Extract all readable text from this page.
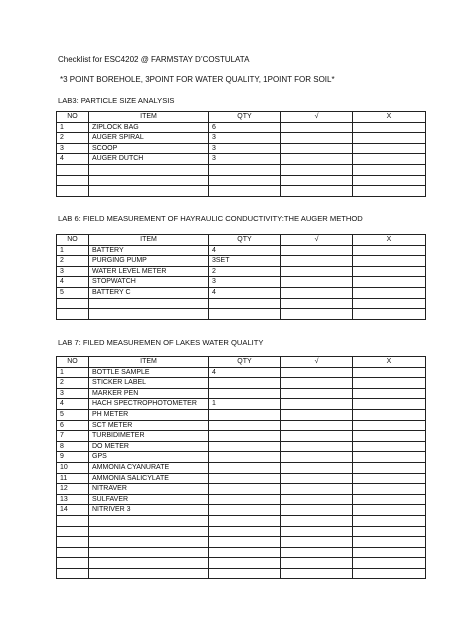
Checklist for ESC4202 @ FARMSTAY D’COSTULATA
*3 POINT BOREHOLE, 3POINT FOR WATER QUALITY, 1POINT FOR SOIL*
LAB3: PARTICLE SIZE ANALYSIS
NO	ITEM	QTY	√	X
1	ZIPLOCK BAG	6		
2	AUGER SPIRAL	3		
3	SCOOP	3		
4	AUGER DUTCH	3		

LAB 6: FIELD MEASUREMENT OF HAYRAULIC CONDUCTIVITY:THE AUGER METHOD
NO	ITEM	QTY	√	X
1	BATTERY	4		
2	PURGING PUMP	3SET		
3	WATER LEVEL METER	2		
4	STOPWATCH	3		
5	BATTERY C	4		

LAB 7: FILED MEASUREMEN OF LAKES WATER QUALITY
NO	ITEM	QTY	√	X
1	BOTTLE SAMPLE	4		
2	STICKER LABEL			
3	MARKER PEN			
4	HACH SPECTROPHOTOMETER	1		
5	PH METER			
6	SCT METER			
7	TURBIDIMETER			
8	DO METER			
9	GPS			
10	AMMONIA CYANURATE			
11	AMMONIA SALICYLATE			
12	NITRAVER			
13	SULFAVER			
14	NITRIVER 3			
